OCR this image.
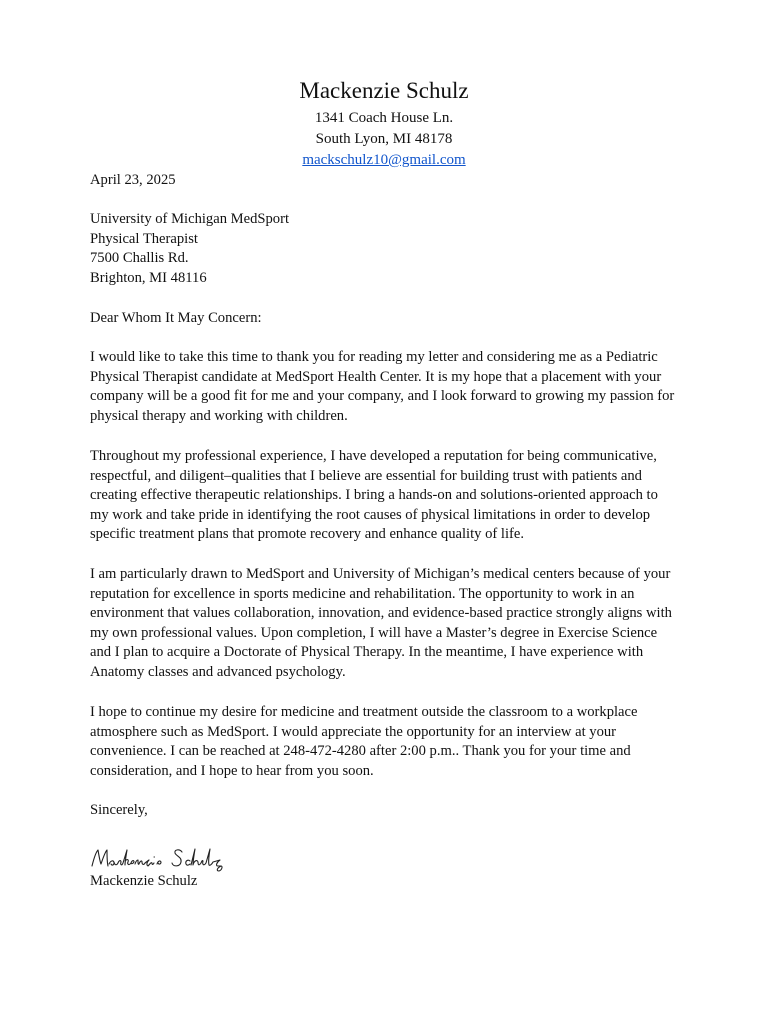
Mackenzie Schulz

1341 Coach House Ln.

South Lyon, MI 48178

mackschulz10@gmail.com

April 23, 2025

University of Michigan MedSport

Physical Therapist

7500 Challis Rd.

Brighton, MI 48116

Dear Whom It May Concern:

I would like to take this time to thank you for reading my letter and considering me as a Pediatric Physical Therapist candidate at MedSport Health Center. It is my hope that a placement with your company will be a good fit for me and your company, and I look forward to growing my passion for physical therapy and working with children.

Throughout my professional experience, I have developed a reputation for being communicative, respectful, and diligent–qualities that I believe are essential for building trust with patients and creating effective therapeutic relationships. I bring a hands-on and solutions-oriented approach to my work and take pride in identifying the root causes of physical limitations in order to develop specific treatment plans that promote recovery and enhance quality of life.

I am particularly drawn to MedSport and University of Michigan’s medical centers because of your reputation for excellence in sports medicine and rehabilitation. The opportunity to work in an environment that values collaboration, innovation, and evidence-based practice strongly aligns with my own professional values. Upon completion, I will have a Master’s degree in Exercise Science and I plan to acquire a Doctorate of Physical Therapy. In the meantime, I have experience with Anatomy classes and advanced psychology.

I hope to continue my desire for medicine and treatment outside the classroom to a workplace atmosphere such as MedSport. I would appreciate the opportunity for an interview at your convenience. I can be reached at 248-472-4280 after 2:00 p.m.. Thank you for your time and consideration, and I hope to hear from you soon.

Sincerely,

Mackenzie Schulz
